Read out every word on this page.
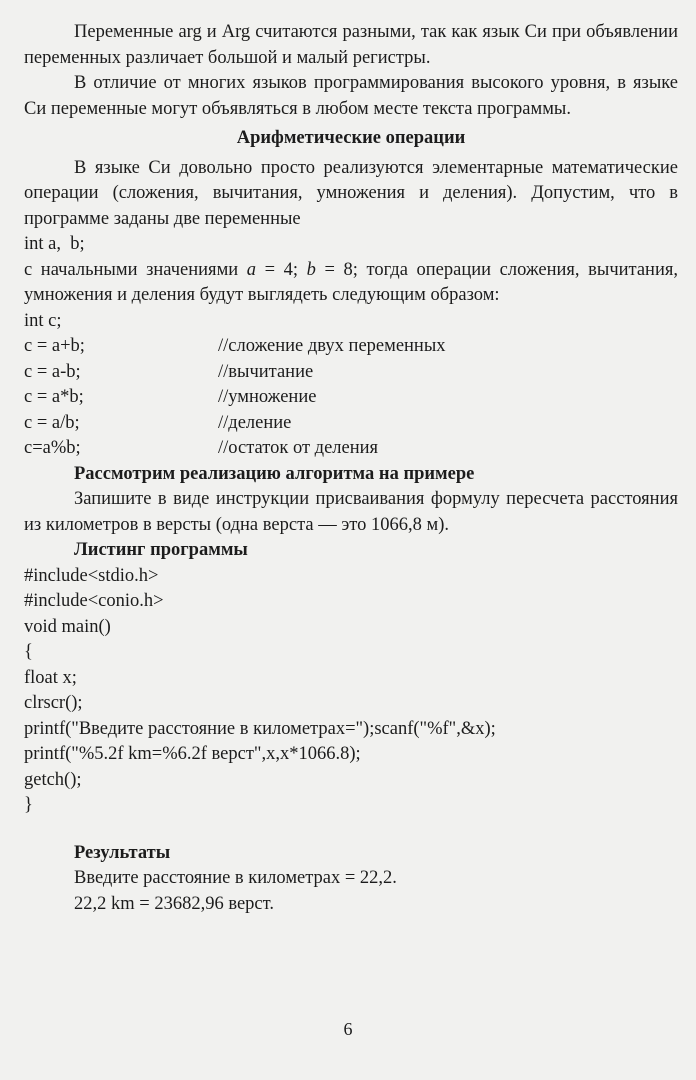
Переменные arg и Arg считаются разными, так как язык Си при объявлении переменных различает большой и малый регистры.

В отличие от многих языков программирования высокого уровня, в языке Си переменные могут объявляться в любом месте текста программы.

Арифметические операции

В языке Си довольно просто реализуются элементарные математические операции (сложения, вычитания, умножения и деления). Допустим, что в программе заданы две переменные

int a,  b;

с начальными значениями a = 4; b = 8; тогда операции сложения, вычитания, умножения и деления будут выглядеть следующим образом:

int c;

c = a+b;	//сложение двух переменных
c = a-b;	//вычитание
c = a*b;	//умножение
c = a/b;	//деление
c=a%b;	//остаток от деления

Рассмотрим реализацию алгоритма на примере

Запишите в виде инструкции присваивания формулу пересчета расстояния из километров в версты (одна верста — это 1066,8 м).

Листинг программы

#include<stdio.h>
#include<conio.h>
void main()
{
float x;
clrscr();
printf("Введите расстояние в километрах=");scanf("%f",&x);
printf("%5.2f km=%6.2f верст",x,x*1066.8);
getch();
}
Результаты
Введите расстояние в километрах = 22,2.
22,2 km = 23682,96 верст.
6
